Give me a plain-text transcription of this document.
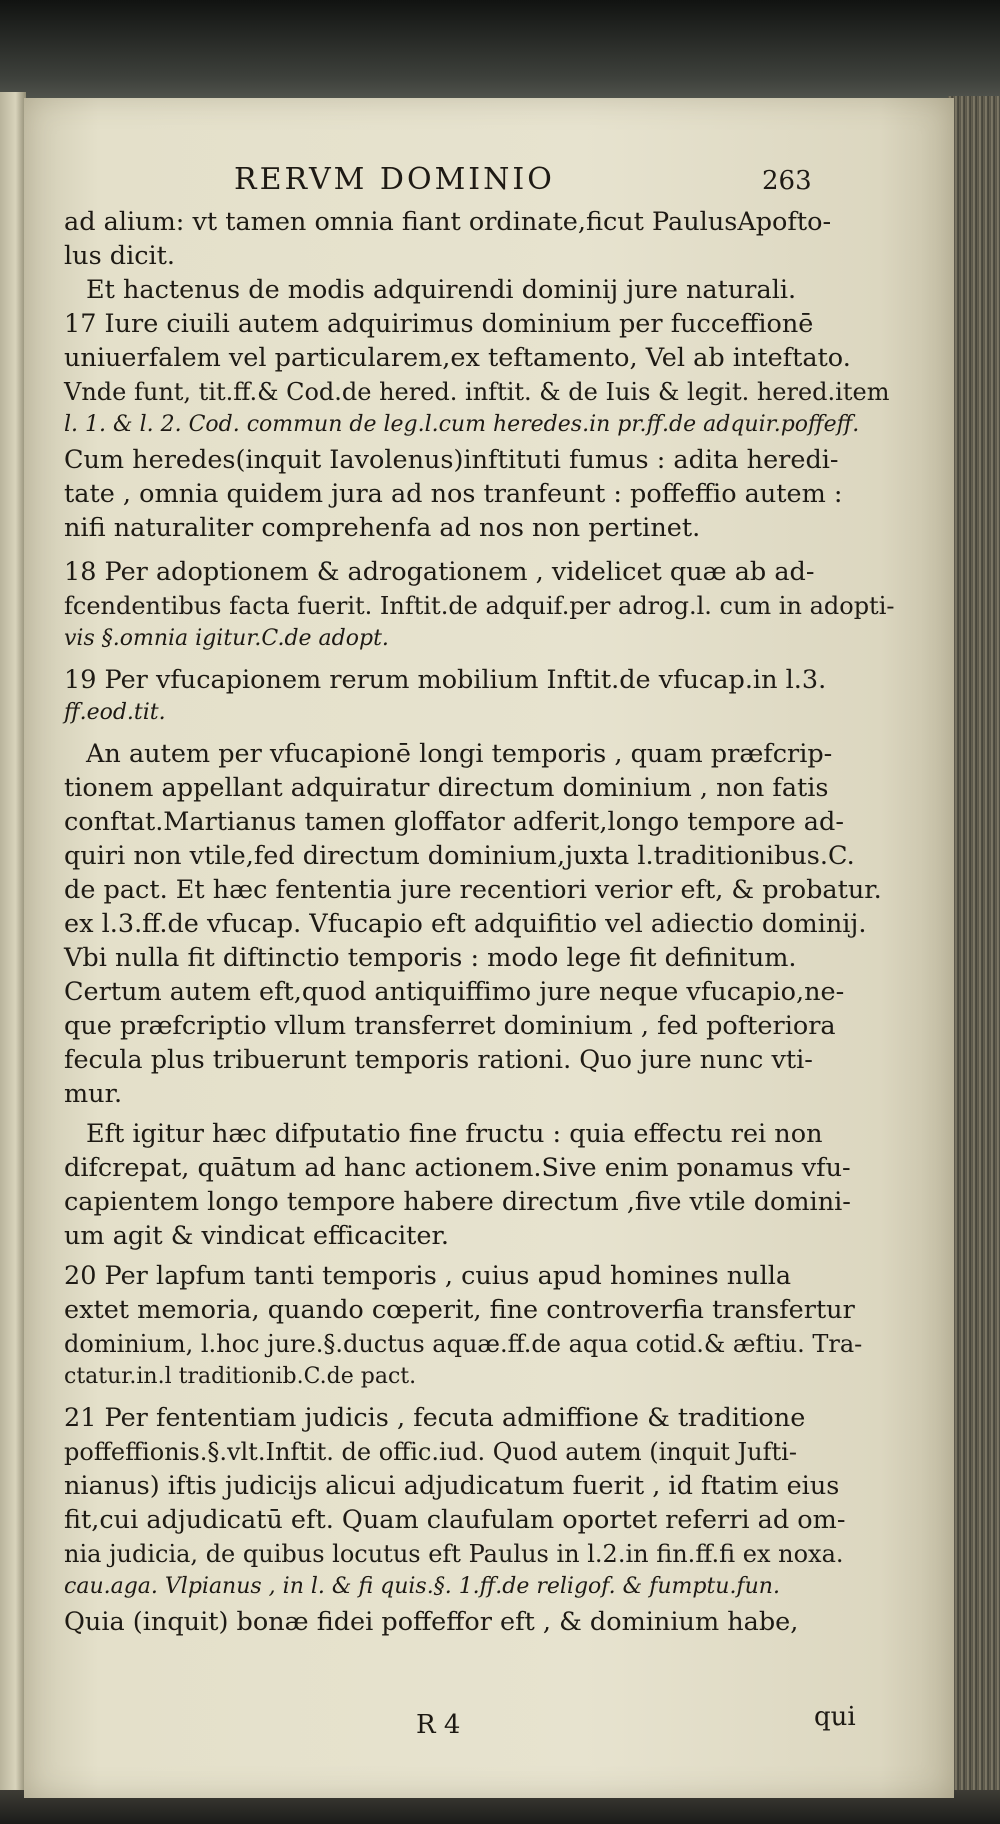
RERVM DOMINIO	263
ad alium: vt tamen omnia fiant ordinate,ficut PaulusApofto-
lus dicit.
Et hactenus de modis adquirendi dominij jure naturali.
17 Iure ciuili autem adquirimus dominium per fucceffionē
uniuerfalem vel particularem,ex teftamento, Vel ab inteftato.
Vnde funt, tit.ff.& Cod.de hered. inftit. & de Iuis & legit. hered.item
l. 1. & l. 2. Cod. commun de leg.l.cum heredes.in pr.ff.de adquir.poffeff.
Cum heredes(inquit Iavolenus)inftituti fumus : adita heredi-
tate , omnia quidem jura ad nos tranfeunt : poffeffio autem :
nifi naturaliter comprehenfa ad nos non pertinet.
18 Per adoptionem & adrogationem , videlicet quæ ab ad-
fcendentibus facta fuerit. Inftit.de adquif.per adrog.l. cum in adopti-
vis §.omnia igitur.C.de adopt.
19 Per vfucapionem rerum mobilium Inftit.de vfucap.in l.3.
ff.eod.tit.
An autem per vfucapionē longi temporis , quam præfcrip-
tionem appellant adquiratur directum dominium , non fatis
conftat.Martianus tamen gloffator adferit,longo tempore ad-
quiri non vtile,fed directum dominium,juxta l.traditionibus.C.
de pact. Et hæc fententia jure recentiori verior eft, & probatur.
ex l.3.ff.de vfucap. Vfucapio eft adquifitio vel adiectio dominij.
Vbi nulla fit diftinctio temporis : modo lege fit definitum.
Certum autem eft,quod antiquiffimo jure neque vfucapio,ne-
que præfcriptio vllum transferret dominium , fed pofteriora
fecula plus tribuerunt temporis rationi. Quo jure nunc vti-
mur.
Eft igitur hæc difputatio fine fructu : quia effectu rei non
difcrepat, quātum ad hanc actionem.Sive enim ponamus vfu-
capientem longo tempore habere directum ,five vtile domini-
um agit & vindicat efficaciter.
20 Per lapfum tanti temporis , cuius apud homines nulla
extet memoria, quando cœperit, fine controverfia transfertur
dominium, l.hoc jure.§.ductus aquæ.ff.de aqua cotid.& æftiu. Tra-
ctatur.in.l traditionib.C.de pact.
21 Per fententiam judicis , fecuta admiffione & traditione
poffeffionis.§.vlt.Inftit. de offic.iud. Quod autem (inquit Jufti-
nianus) iftis judicijs alicui adjudicatum fuerit , id ftatim eius
fit,cui adjudicatū eft. Quam claufulam oportet referri ad om-
nia judicia, de quibus locutus eft Paulus in l.2.in fin.ff.fi ex noxa.
cau.aga. Vlpianus , in l. & fi quis.§. 1.ff.de religof. & fumptu.fun.
Quia (inquit) bonæ fidei poffeffor eft , & dominium habe,
R 4	qui
